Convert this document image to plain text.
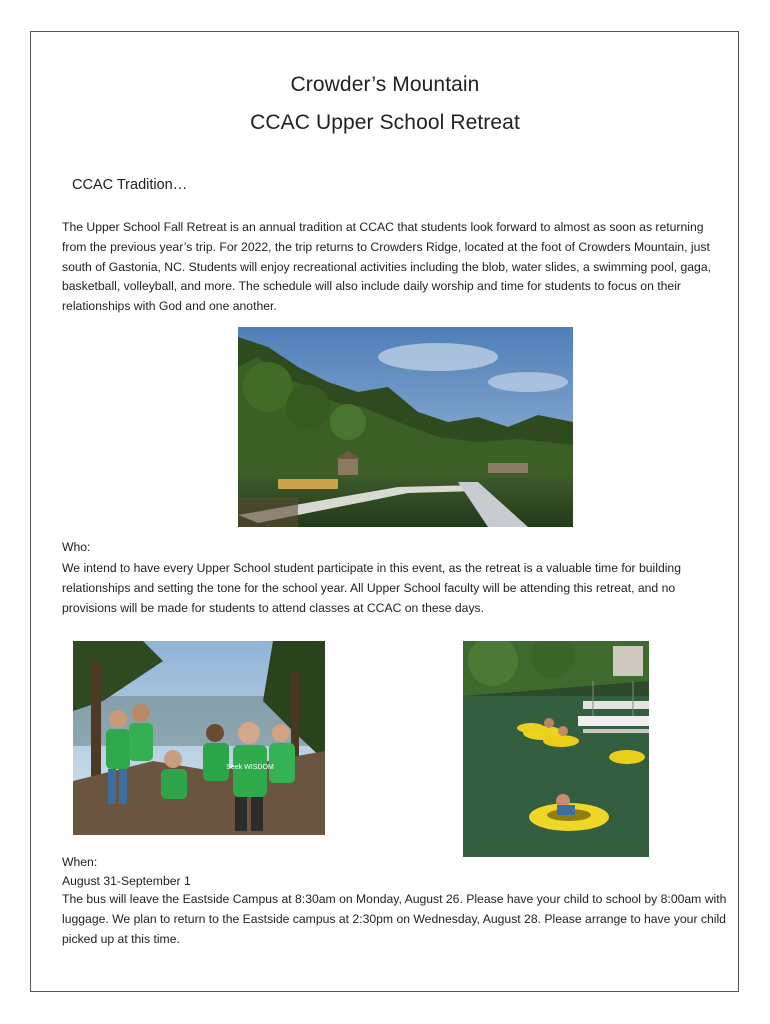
Crowder’s Mountain
CCAC Upper School Retreat
CCAC Tradition…
The Upper School Fall Retreat is an annual tradition at CCAC that students look forward to almost as soon as returning from the previous year’s trip. For 2022, the trip returns to Crowders Ridge, located at the foot of Crowders Mountain, just south of Gastonia, NC. Students will enjoy recreational activities including the blob, water slides, a swimming pool, gaga, basketball, volleyball, and more. The schedule will also include daily worship and time for students to focus on their relationships with God and one another.
Who:
We intend to have every Upper School student participate in this event, as the retreat is a valuable time for building relationships and setting the tone for the school year. All Upper School faculty will be attending this retreat, and no provisions will be made for students to attend classes at CCAC on these days.
Seek WISDOM
When:
August 31-September 1
The bus will leave the Eastside Campus at 8:30am on Monday, August 26. Please have your child to school by 8:00am with luggage. We plan to return to the Eastside campus at 2:30pm on Wednesday, August 28. Please arrange to have your child picked up at this time.
